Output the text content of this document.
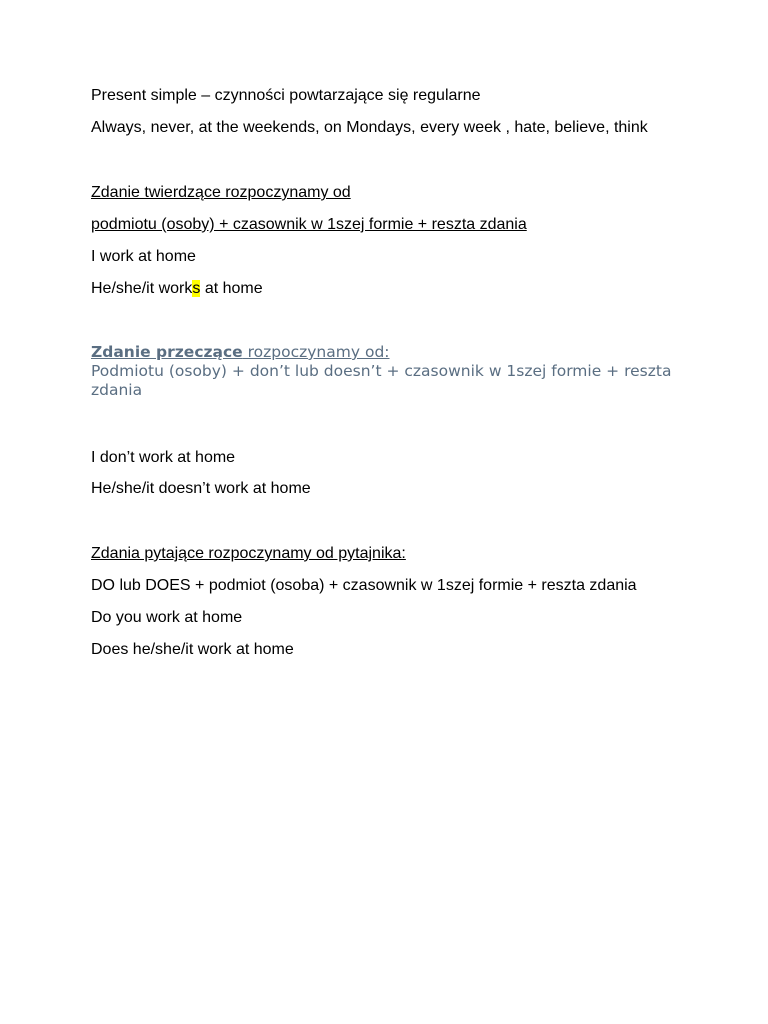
Present simple – czynności powtarzające się regularne
Always, never, at the weekends, on Mondays, every week , hate, believe, think
Zdanie twierdzące rozpoczynamy od
podmiotu (osoby) + czasownik w 1szej formie + reszta zdania
I work at home
He/she/it works at home
Zdanie przeczące rozpoczynamy od:
Podmiotu (osoby) + don’t lub doesn’t + czasownik w 1szej formie + reszta zdania
I don’t work at home
He/she/it doesn’t work at home
Zdania pytające rozpoczynamy od pytajnika:
DO lub DOES + podmiot (osoba) + czasownik w 1szej formie + reszta zdania
Do you work at home
Does he/she/it work at home
